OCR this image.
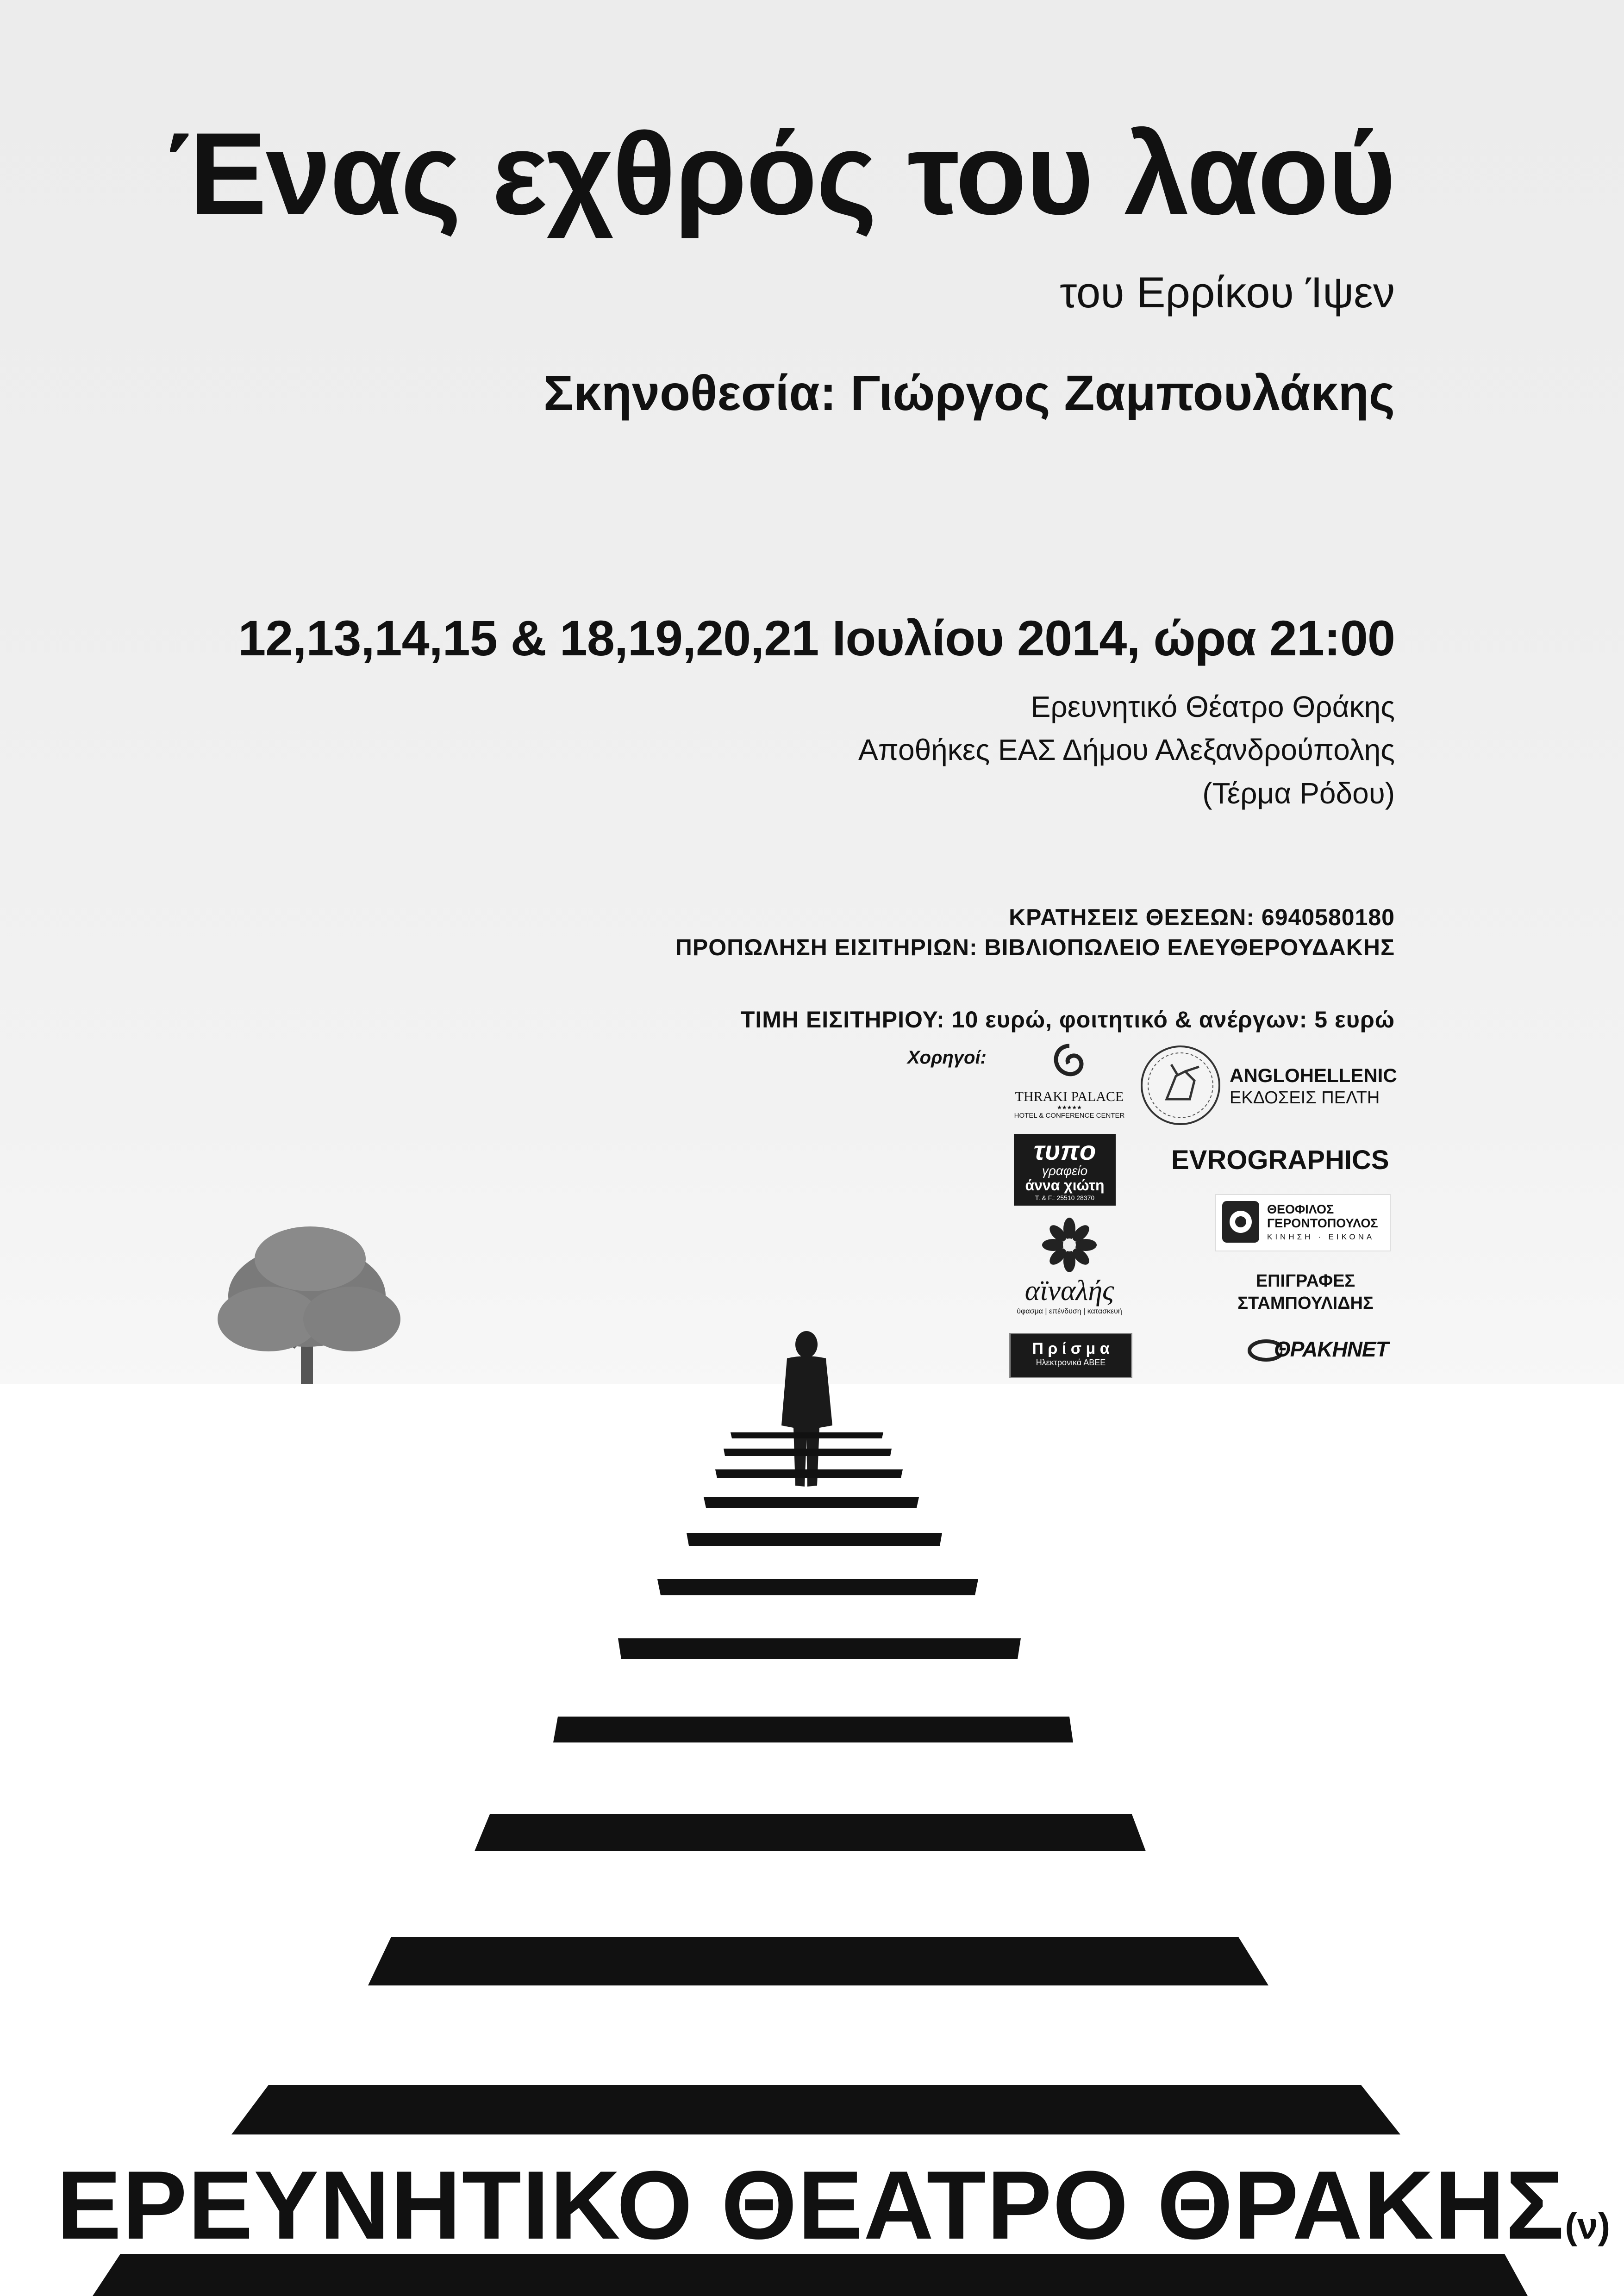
Ένας εχθρός του λαού

του Ερρίκου Ίψεν

Σκηνοθεσία: Γιώργος Ζαμπουλάκης

12,13,14,15 & 18,19,20,21 Ιουλίου 2014, ώρα 21:00

Ερευνητικό Θέατρο Θράκης

Αποθήκες ΕΑΣ Δήμου Αλεξανδρούπολης

(Τέρμα Ρόδου)

ΚΡΑΤΗΣΕΙΣ ΘΕΣΕΩΝ: 6940580180

ΠΡΟΠΩΛΗΣΗ ΕΙΣΙΤΗΡΙΩΝ: ΒΙΒΛΙΟΠΩΛΕΙΟ ΕΛΕΥΘΕΡΟΥΔΑΚΗΣ

ΤΙΜΗ ΕΙΣΙΤΗΡΙΟΥ: 10 ευρώ, φοιτητικό & ανέργων: 5 ευρώ

Χορηγοί:

THRAKI PALACE
★★★★★
HOTEL & CONFERENCE CENTER
ANGLOHELLENIC
ΕΚΔΟΣΕΙΣ ΠΕΛΤΗ
τυπο
γραφείο
άννα χιώτη
Τ. & F.: 25510 28370

EVROGRAPHICS

ΘΕΟΦΙΛΟΣ
ΓΕΡΟΝΤΟΠΟΥΛΟΣ
ΚΙΝΗΣΗ · ΕΙΚΟΝΑ
αϊναλής
ύφασμα | επένδυση | κατασκευή
ΕΠΙΓΡΑΦΕΣ
ΣΤΑΜΠΟΥΛΙΔΗΣ
Π ρ ί σ μ α
Ηλεκτρονικά ΑΒΕΕ
ΘΡΑΚΗΝΕΤ
ΕΡΕΥΝΗΤΙΚΟ ΘΕΑΤΡΟ ΘΡΑΚΗΣ(ν)
